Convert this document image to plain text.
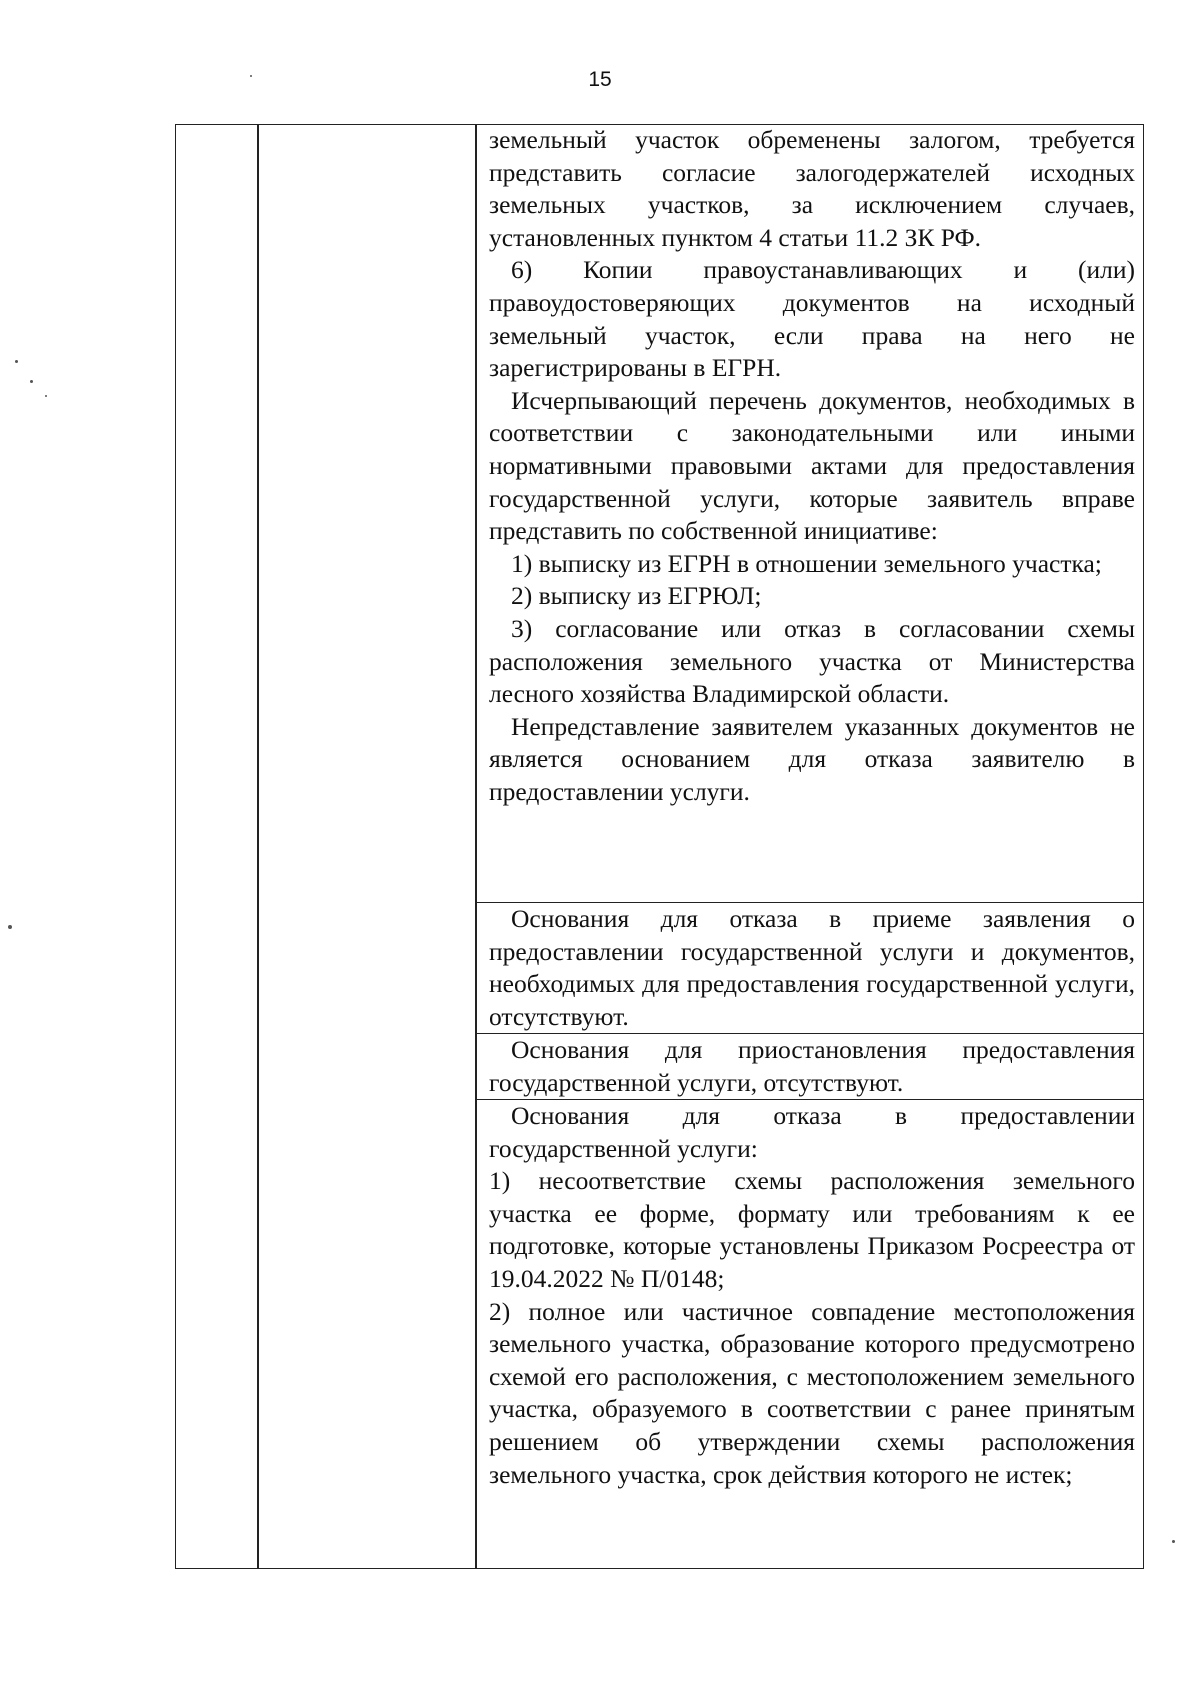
15

земельный участок обременены залогом, требуется представить согласие залогодержателей исходных земельных участков, за исключением случаев, установленных пунктом 4 статьи 11.2 ЗК РФ.

6) Копии правоустанавливающих и (или) правоудостоверяющих документов на исходный земельный участок, если права на него не зарегистрированы в ЕГРН.

Исчерпывающий перечень документов, необходимых в соответствии с законодательными или иными нормативными правовыми актами для предоставления государственной услуги, которые заявитель вправе представить по собственной инициативе:

1) выписку из ЕГРН в отношении земельного участка;

2) выписку из ЕГРЮЛ;

3) согласование или отказ в согласовании схемы расположения земельного участка от Министерства лесного хозяйства Владимирской области.

Непредставление заявителем указанных документов не является основанием для отказа заявителю в предоставлении услуги.

Основания для отказа в приеме заявления о предоставлении государственной услуги и документов, необходимых для предоставления государственной услуги, отсутствуют.

Основания для приостановления предоставления государственной услуги, отсутствуют.

Основания для отказа в предоставлении государственной услуги:

1) несоответствие схемы расположения земельного участка ее форме, формату или требованиям к ее подготовке, которые установлены Приказом Росреестра от 19.04.2022 № П/0148;

2) полное или частичное совпадение местоположения земельного участка, образование которого предусмотрено схемой его расположения, с местоположением земельного участка, образуемого в соответствии с ранее принятым решением об утверждении схемы расположения земельного участка, срок действия которого не истек;
